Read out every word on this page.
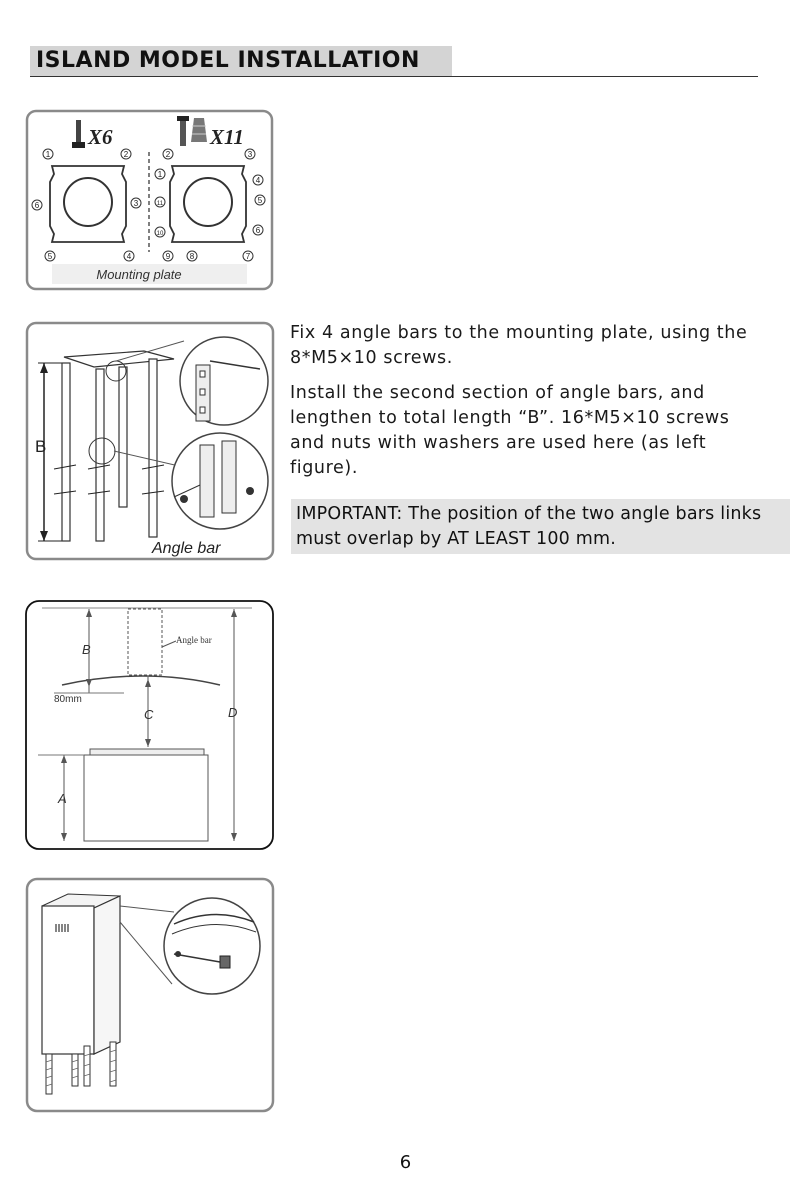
ISLAND MODEL INSTALLATION
X6	X11
1	2
3
4
5
6
2
1
3
4
5
6
7
8
9
10
11
Mounting plate
B
Angle bar
Fix 4 angle bars to the mounting plate, using the 8*M5×10 screws.
Install the second section of angle bars, and lengthen to total length “B”. 16*M5×10 screws and nuts with washers are used here (as left figure).
IMPORTANT: The position of the two angle bars links must overlap by AT LEAST 100 mm.
B
80mm
Angle bar
C	D
A
6
